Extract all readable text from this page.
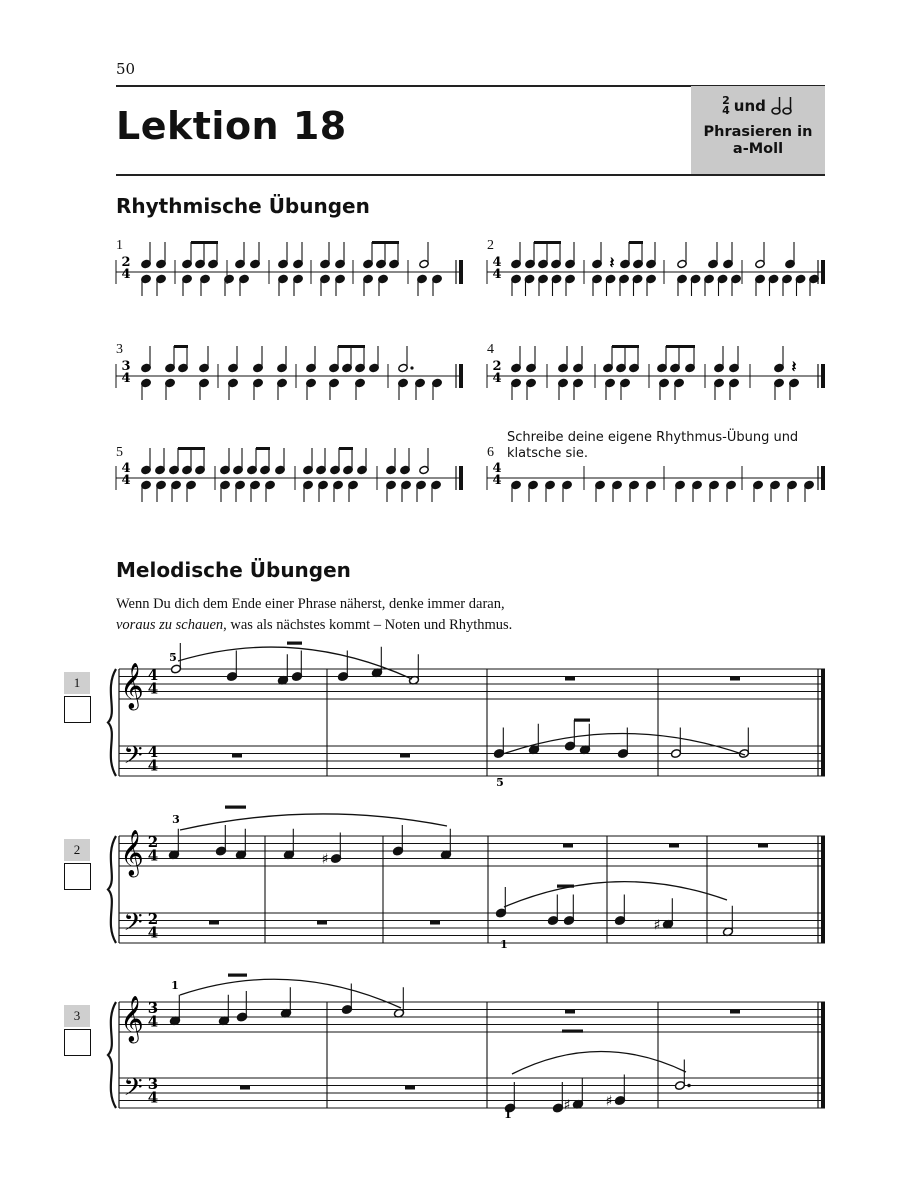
50
Lektion 18
2
4 und
Phrasieren in
a-Moll
Rhythmische Übungen
Melodische Übungen
1	2
3	4
5	6
Schreibe deine eigene Rhythmus-Übung und
klatsche sie.
Wenn Du dich dem Ende einer Phrase näherst, denke immer daran,
voraus zu schauen, was als nächstes kommt – Noten und Rhythmus.
1
2
3
2
4
4
4
𝄽
3
4
2
4
𝄽
4
4
4
4
𝄞
𝄢
4
4
4
4
5
5
𝄞
𝄢
2
4
2
4
♯
♯
3
1
𝄞
𝄢
3
4
3
4	♯	♯
1
1
